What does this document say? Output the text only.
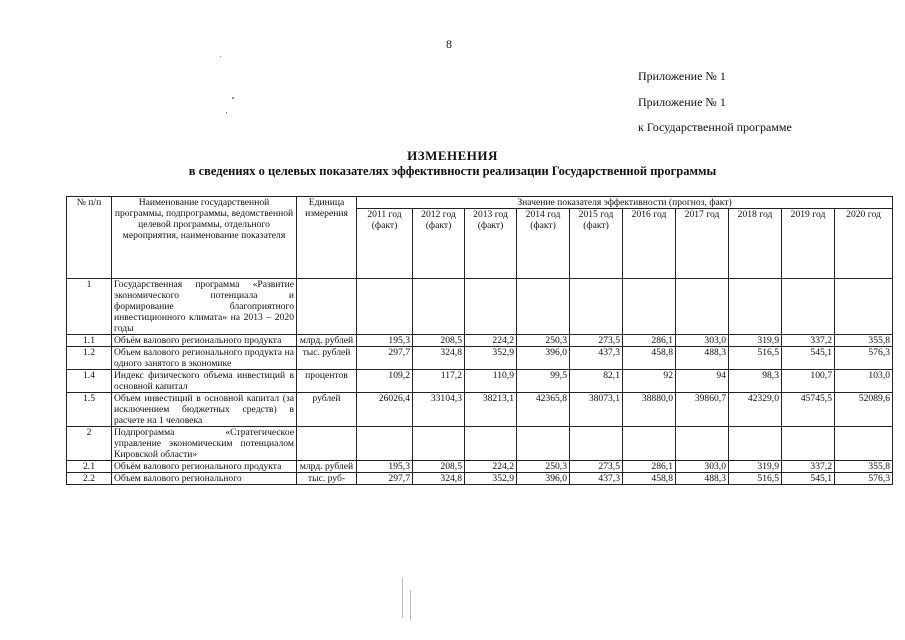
8
Приложение № 1
Приложение № 1
к Государственной программе
ИЗМЕНЕНИЯ
в сведениях о целевых показателях эффективности реализации Государственной программы
№ п/п	Наименование государственной программы, подпрограммы, ведомственной целевой программы, отдельного мероприятия, наименование показателя	Единица измерения	Значение показателя эффективности (прогноз, факт)									
			2011 год (факт)	2012 год (факт)	2013 год (факт)	2014 год (факт)	2015 год (факт)	2016 год	2017 год	2018 год	2019 год	2020 год
1	Государственная программа «Развитие экономического потенциала и формирование благоприятного инвестиционного климата» на 2013 – 2020 годы											
1.1	Объём валового регионального продукта	млрд. рублей	195,3	208,5	224,2	250,3	273,5	286,1	303,0	319,9	337,2	355,8
1.2	Объем валового регионального продукта на одного занятого в экономике	тыс. рублей	297,7	324,8	352,9	396,0	437,3	458,8	488,3	516,5	545,1	576,3
1.4	Индекс физического объема инвестиций в основной капитал	процентов	109,2	117,2	110,9	99,5	82,1	92	94	98,3	100,7	103,0
1.5	Объем инвестиций в основной капитал (за исключением бюджетных средств) в расчете на 1 человека	рублей	26026,4	33104,3	38213,1	42365,8	38073,1	38880,0	39860,7	42329,0	45745,5	52089,6
2	Подпрограмма «Стратегическое управление экономическим потенциалом Кировской области»											
2.1	Объём валового регионального продукта	млрд. рублей	195,3	208,5	224,2	250,3	273,5	286,1	303,0	319,9	337,2	355,8
2.2	Объем валового регионального	тыс. руб-	297,7	324,8	352,9	396,0	437,3	458,8	488,3	516,5	545,1	576,3
